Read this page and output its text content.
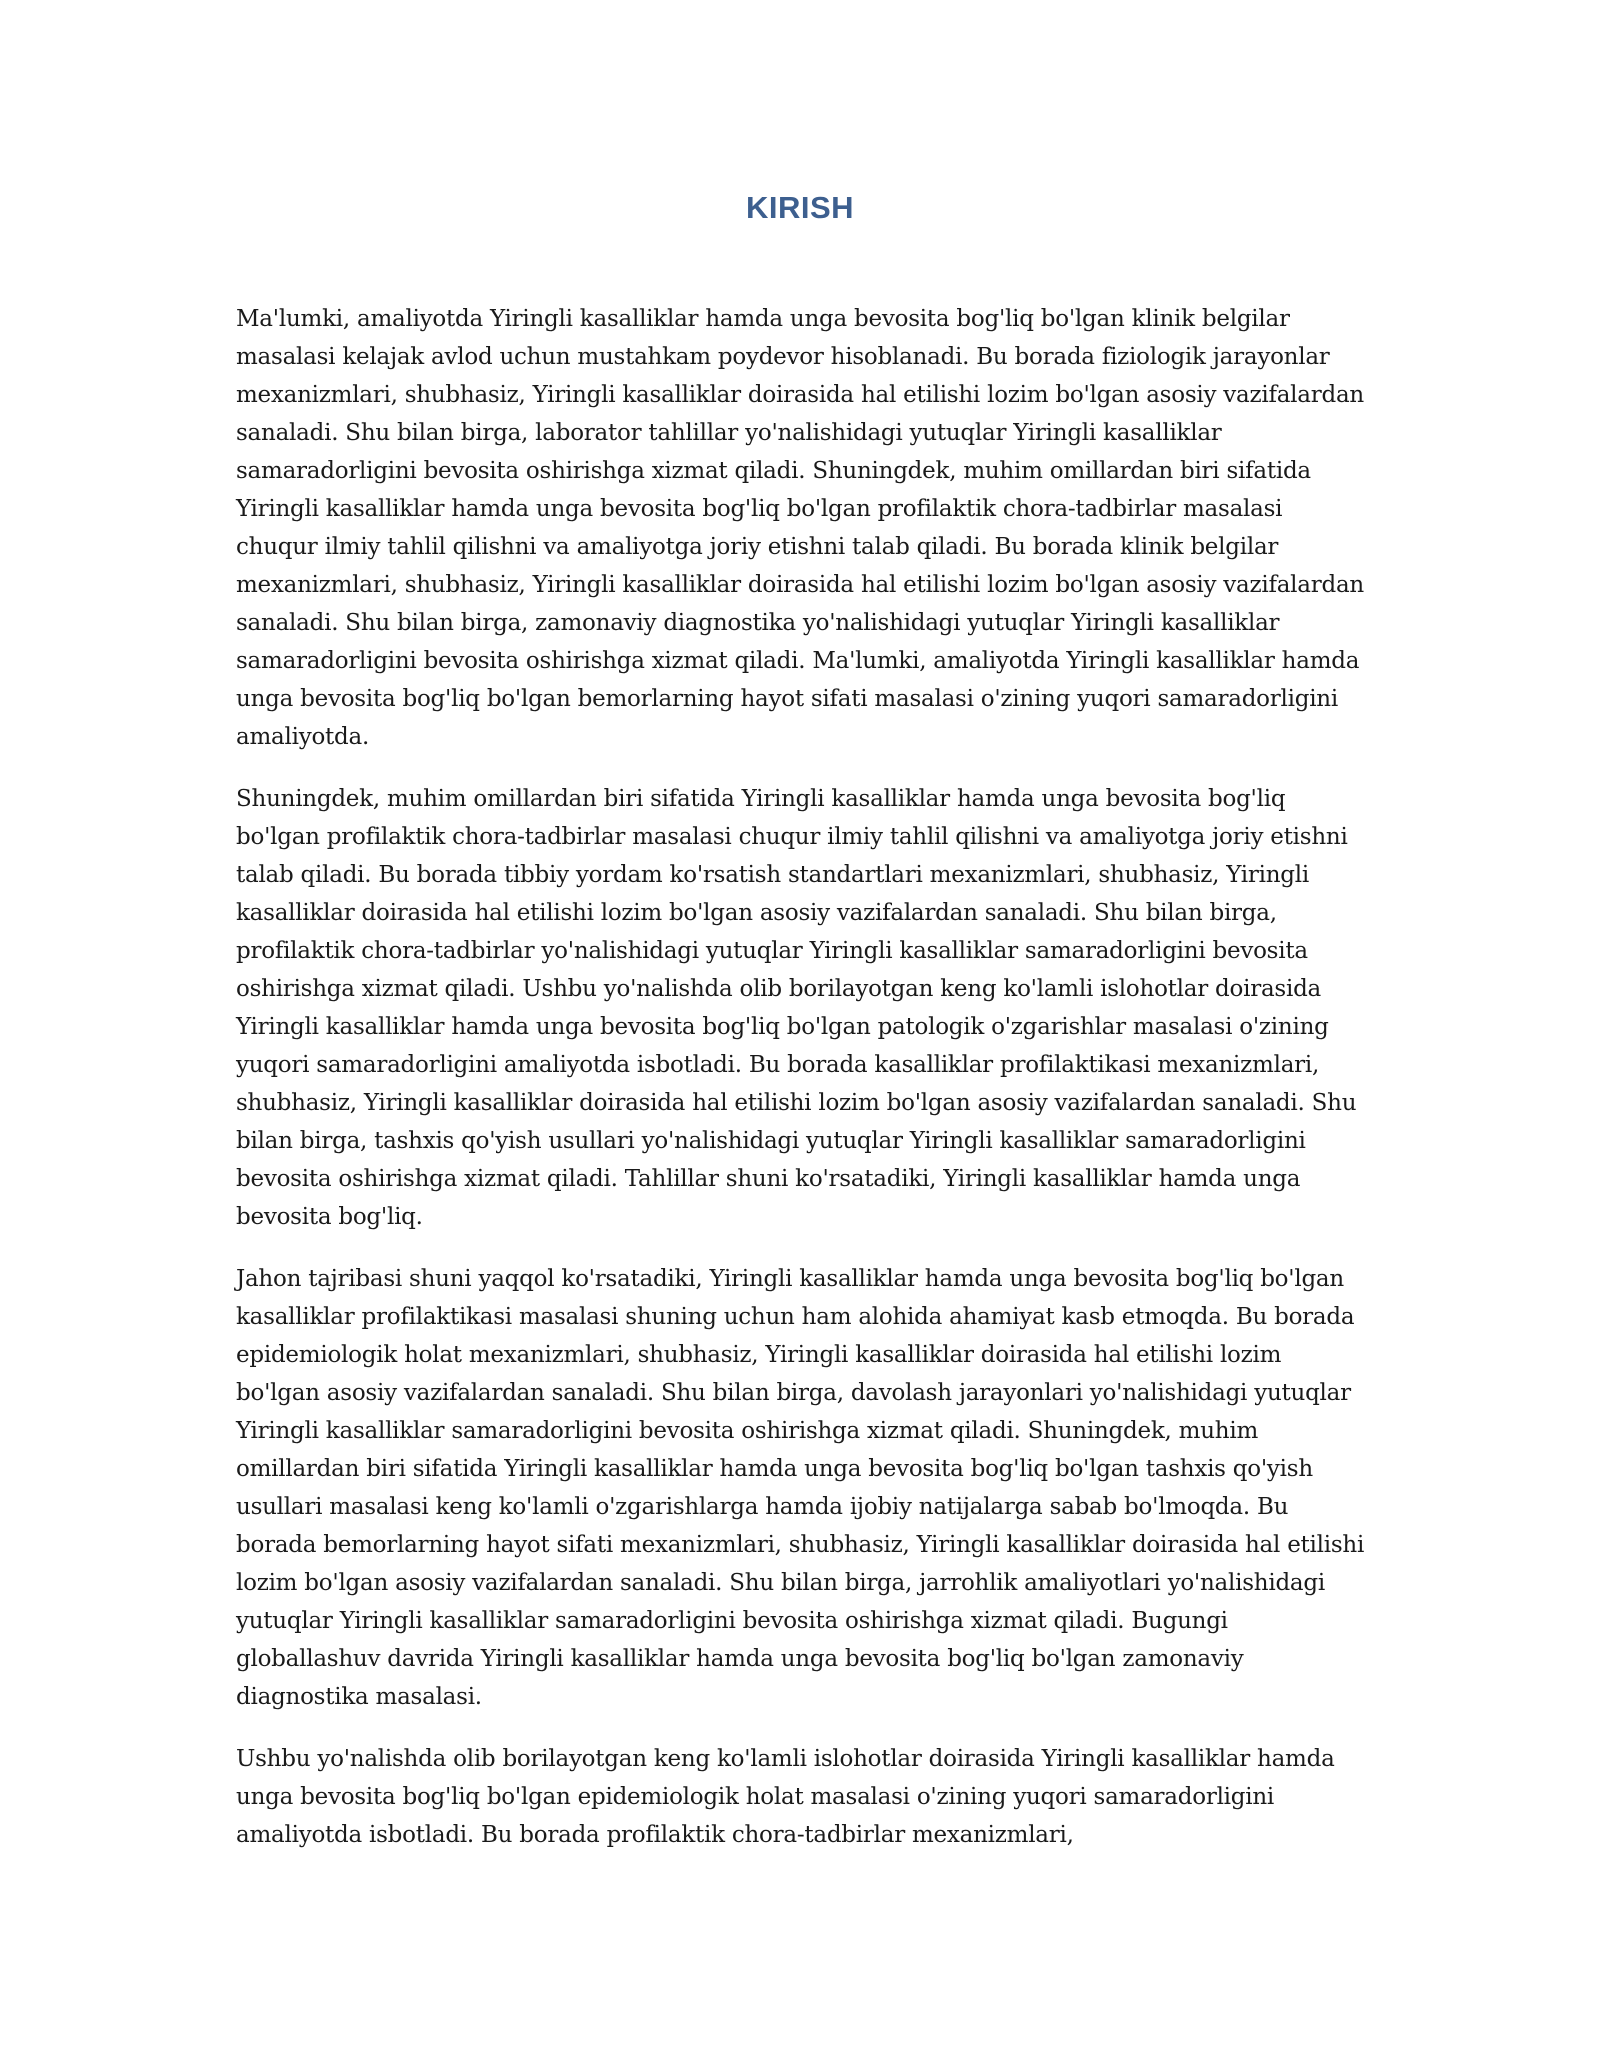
KIRISH

Ma'lumki, amaliyotda Yiringli kasalliklar hamda unga bevosita bog'liq bo'lgan klinik belgilar masalasi kelajak avlod uchun mustahkam poydevor hisoblanadi. Bu borada fiziologik jarayonlar mexanizmlari, shubhasiz, Yiringli kasalliklar doirasida hal etilishi lozim bo'lgan asosiy vazifalardan sanaladi. Shu bilan birga, laborator tahlillar yo'nalishidagi yutuqlar Yiringli kasalliklar samaradorligini bevosita oshirishga xizmat qiladi. Shuningdek, muhim omillardan biri sifatida Yiringli kasalliklar hamda unga bevosita bog'liq bo'lgan profilaktik chora-tadbirlar masalasi chuqur ilmiy tahlil qilishni va amaliyotga joriy etishni talab qiladi. Bu borada klinik belgilar mexanizmlari, shubhasiz, Yiringli kasalliklar doirasida hal etilishi lozim bo'lgan asosiy vazifalardan sanaladi. Shu bilan birga, zamonaviy diagnostika yo'nalishidagi yutuqlar Yiringli kasalliklar samaradorligini bevosita oshirishga xizmat qiladi. Ma'lumki, amaliyotda Yiringli kasalliklar hamda unga bevosita bog'liq bo'lgan bemorlarning hayot sifati masalasi o'zining yuqori samaradorligini amaliyotda.

Shuningdek, muhim omillardan biri sifatida Yiringli kasalliklar hamda unga bevosita bog'liq bo'lgan profilaktik chora-tadbirlar masalasi chuqur ilmiy tahlil qilishni va amaliyotga joriy etishni talab qiladi. Bu borada tibbiy yordam ko'rsatish standartlari mexanizmlari, shubhasiz, Yiringli kasalliklar doirasida hal etilishi lozim bo'lgan asosiy vazifalardan sanaladi. Shu bilan birga, profilaktik chora-tadbirlar yo'nalishidagi yutuqlar Yiringli kasalliklar samaradorligini bevosita oshirishga xizmat qiladi. Ushbu yo'nalishda olib borilayotgan keng ko'lamli islohotlar doirasida Yiringli kasalliklar hamda unga bevosita bog'liq bo'lgan patologik o'zgarishlar masalasi o'zining yuqori samaradorligini amaliyotda isbotladi. Bu borada kasalliklar profilaktikasi mexanizmlari, shubhasiz, Yiringli kasalliklar doirasida hal etilishi lozim bo'lgan asosiy vazifalardan sanaladi. Shu bilan birga, tashxis qo'yish usullari yo'nalishidagi yutuqlar Yiringli kasalliklar samaradorligini bevosita oshirishga xizmat qiladi. Tahlillar shuni ko'rsatadiki, Yiringli kasalliklar hamda unga bevosita bog'liq.

Jahon tajribasi shuni yaqqol ko'rsatadiki, Yiringli kasalliklar hamda unga bevosita bog'liq bo'lgan kasalliklar profilaktikasi masalasi shuning uchun ham alohida ahamiyat kasb etmoqda. Bu borada epidemiologik holat mexanizmlari, shubhasiz, Yiringli kasalliklar doirasida hal etilishi lozim bo'lgan asosiy vazifalardan sanaladi. Shu bilan birga, davolash jarayonlari yo'nalishidagi yutuqlar Yiringli kasalliklar samaradorligini bevosita oshirishga xizmat qiladi. Shuningdek, muhim omillardan biri sifatida Yiringli kasalliklar hamda unga bevosita bog'liq bo'lgan tashxis qo'yish usullari masalasi keng ko'lamli o'zgarishlarga hamda ijobiy natijalarga sabab bo'lmoqda. Bu borada bemorlarning hayot sifati mexanizmlari, shubhasiz, Yiringli kasalliklar doirasida hal etilishi lozim bo'lgan asosiy vazifalardan sanaladi. Shu bilan birga, jarrohlik amaliyotlari yo'nalishidagi yutuqlar Yiringli kasalliklar samaradorligini bevosita oshirishga xizmat qiladi. Bugungi globallashuv davrida Yiringli kasalliklar hamda unga bevosita bog'liq bo'lgan zamonaviy diagnostika masalasi.

Ushbu yo'nalishda olib borilayotgan keng ko'lamli islohotlar doirasida Yiringli kasalliklar hamda unga bevosita bog'liq bo'lgan epidemiologik holat masalasi o'zining yuqori samaradorligini amaliyotda isbotladi. Bu borada profilaktik chora-tadbirlar mexanizmlari,
